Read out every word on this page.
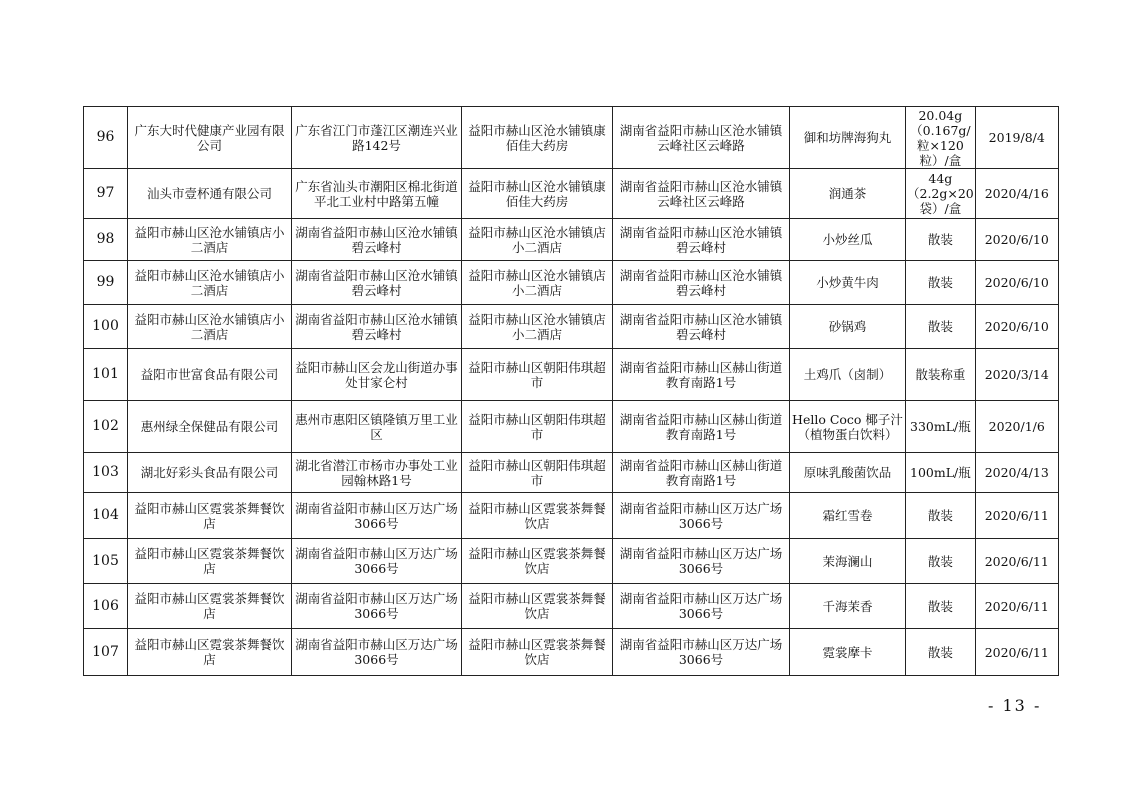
96	广东大时代健康产业园有限公司	广东省江门市蓬江区潮连兴业路142号	益阳市赫山区沧水铺镇康佰佳大药房	湖南省益阳市赫山区沧水铺镇云峰社区云峰路	御和坊牌海狗丸	20.04g（0.167g/粒×120粒）/盒	2019/8/4
97	汕头市壹杯通有限公司	广东省汕头市潮阳区棉北街道平北工业村中路第五幢	益阳市赫山区沧水铺镇康佰佳大药房	湖南省益阳市赫山区沧水铺镇云峰社区云峰路	润通茶	44g（2.2g×20袋）/盒	2020/4/16
98	益阳市赫山区沧水铺镇店小二酒店	湖南省益阳市赫山区沧水铺镇碧云峰村	益阳市赫山区沧水铺镇店小二酒店	湖南省益阳市赫山区沧水铺镇碧云峰村	小炒丝瓜	散装	2020/6/10
99	益阳市赫山区沧水铺镇店小二酒店	湖南省益阳市赫山区沧水铺镇碧云峰村	益阳市赫山区沧水铺镇店小二酒店	湖南省益阳市赫山区沧水铺镇碧云峰村	小炒黄牛肉	散装	2020/6/10
100	益阳市赫山区沧水铺镇店小二酒店	湖南省益阳市赫山区沧水铺镇碧云峰村	益阳市赫山区沧水铺镇店小二酒店	湖南省益阳市赫山区沧水铺镇碧云峰村	砂锅鸡	散装	2020/6/10
101	益阳市世富食品有限公司	益阳市赫山区会龙山街道办事处甘家仑村	益阳市赫山区朝阳伟琪超市	湖南省益阳市赫山区赫山街道教育南路1号	土鸡爪（卤制）	散装称重	2020/3/14
102	惠州绿全保健品有限公司	惠州市惠阳区镇隆镇万里工业区	益阳市赫山区朝阳伟琪超市	湖南省益阳市赫山区赫山街道教育南路1号	Hello Coco 椰子汁（植物蛋白饮料）	330mL/瓶	2020/1/6
103	湖北好彩头食品有限公司	湖北省潜江市杨市办事处工业园翰林路1号	益阳市赫山区朝阳伟琪超市	湖南省益阳市赫山区赫山街道教育南路1号	原味乳酸菌饮品	100mL/瓶	2020/4/13
104	益阳市赫山区霓裳茶舞餐饮店	湖南省益阳市赫山区万达广场3066号	益阳市赫山区霓裳茶舞餐饮店	湖南省益阳市赫山区万达广场3066号	霜红雪卷	散装	2020/6/11
105	益阳市赫山区霓裳茶舞餐饮店	湖南省益阳市赫山区万达广场3066号	益阳市赫山区霓裳茶舞餐饮店	湖南省益阳市赫山区万达广场3066号	茉海澜山	散装	2020/6/11
106	益阳市赫山区霓裳茶舞餐饮店	湖南省益阳市赫山区万达广场3066号	益阳市赫山区霓裳茶舞餐饮店	湖南省益阳市赫山区万达广场3066号	千海茉香	散装	2020/6/11
107	益阳市赫山区霓裳茶舞餐饮店	湖南省益阳市赫山区万达广场3066号	益阳市赫山区霓裳茶舞餐饮店	湖南省益阳市赫山区万达广场3066号	霓裳摩卡	散装	2020/6/11
- 13 -
